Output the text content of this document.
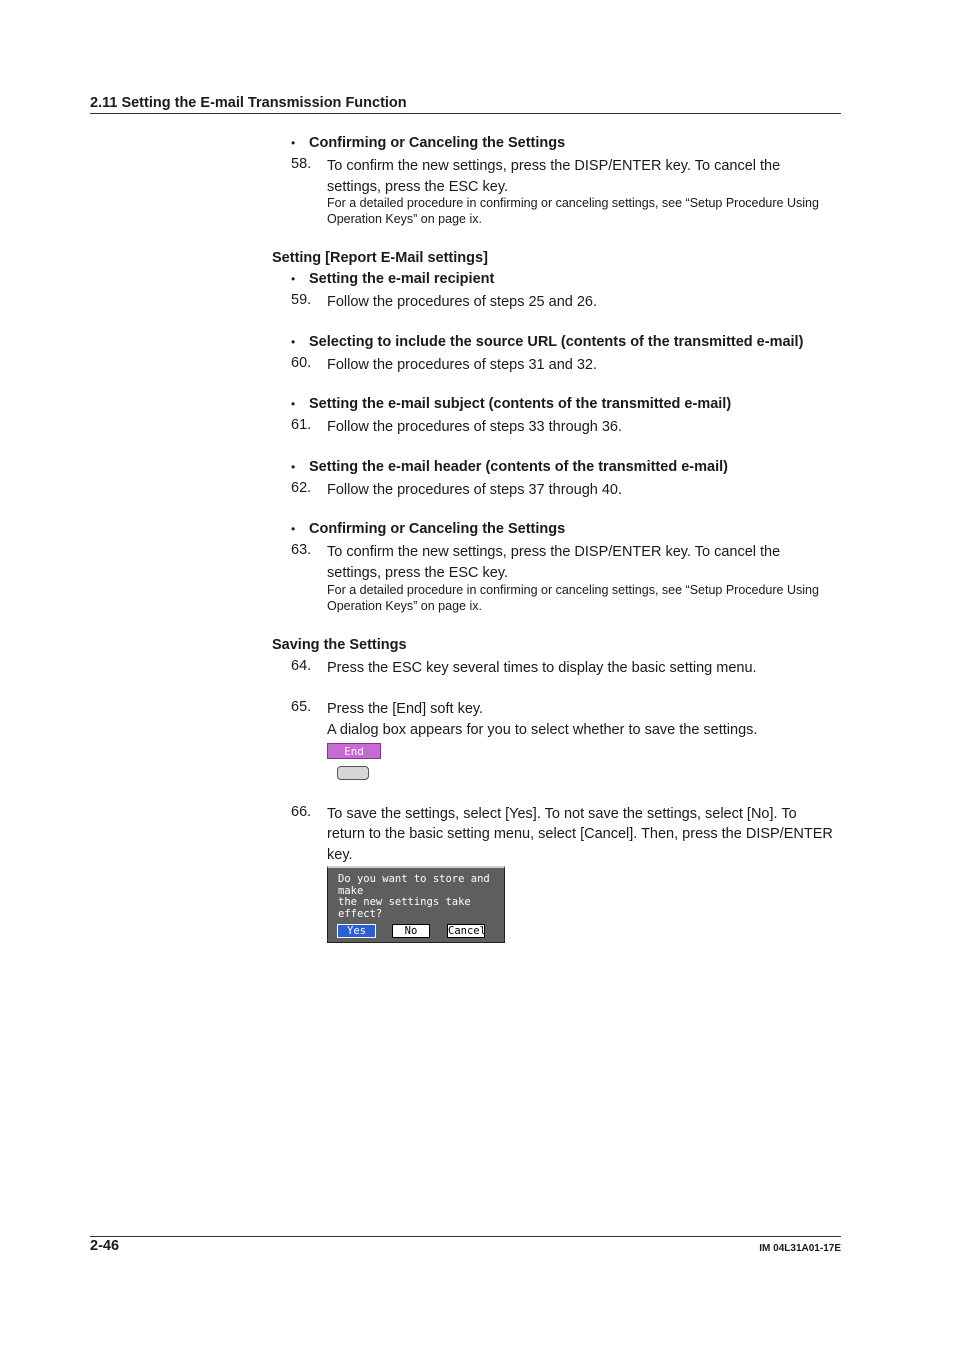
2.11 Setting the E-mail Transmission Function
• Confirming or Canceling the Settings
58. To confirm the new settings, press the DISP/ENTER key. To cancel the
settings, press the ESC key.
For a detailed procedure in confirming or canceling settings, see “Setup Procedure Using
Operation Keys” on page ix.
Setting [Report E-Mail settings]
• Setting the e-mail recipient
59. Follow the procedures of steps 25 and 26.
• Selecting to include the source URL (contents of the transmitted e-mail)
60. Follow the procedures of steps 31 and 32.
• Setting the e-mail subject (contents of the transmitted e-mail)
61. Follow the procedures of steps 33 through 36.
• Setting the e-mail header (contents of the transmitted e-mail)
62. Follow the procedures of steps 37 through 40.
• Confirming or Canceling the Settings
63. To confirm the new settings, press the DISP/ENTER key. To cancel the
settings, press the ESC key.
For a detailed procedure in confirming or canceling settings, see “Setup Procedure Using
Operation Keys” on page ix.
Saving the Settings
64. Press the ESC key several times to display the basic setting menu.
65. Press the [End] soft key.
A dialog box appears for you to select whether to save the settings.
End
66. To save the settings, select [Yes]. To not save the settings, select [No]. To
return to the basic setting menu, select [Cancel]. Then, press the DISP/ENTER
key.
Do you want to store and make
the new settings take effect?
Yes	No	Cancel
2-46	IM 04L31A01-17E
